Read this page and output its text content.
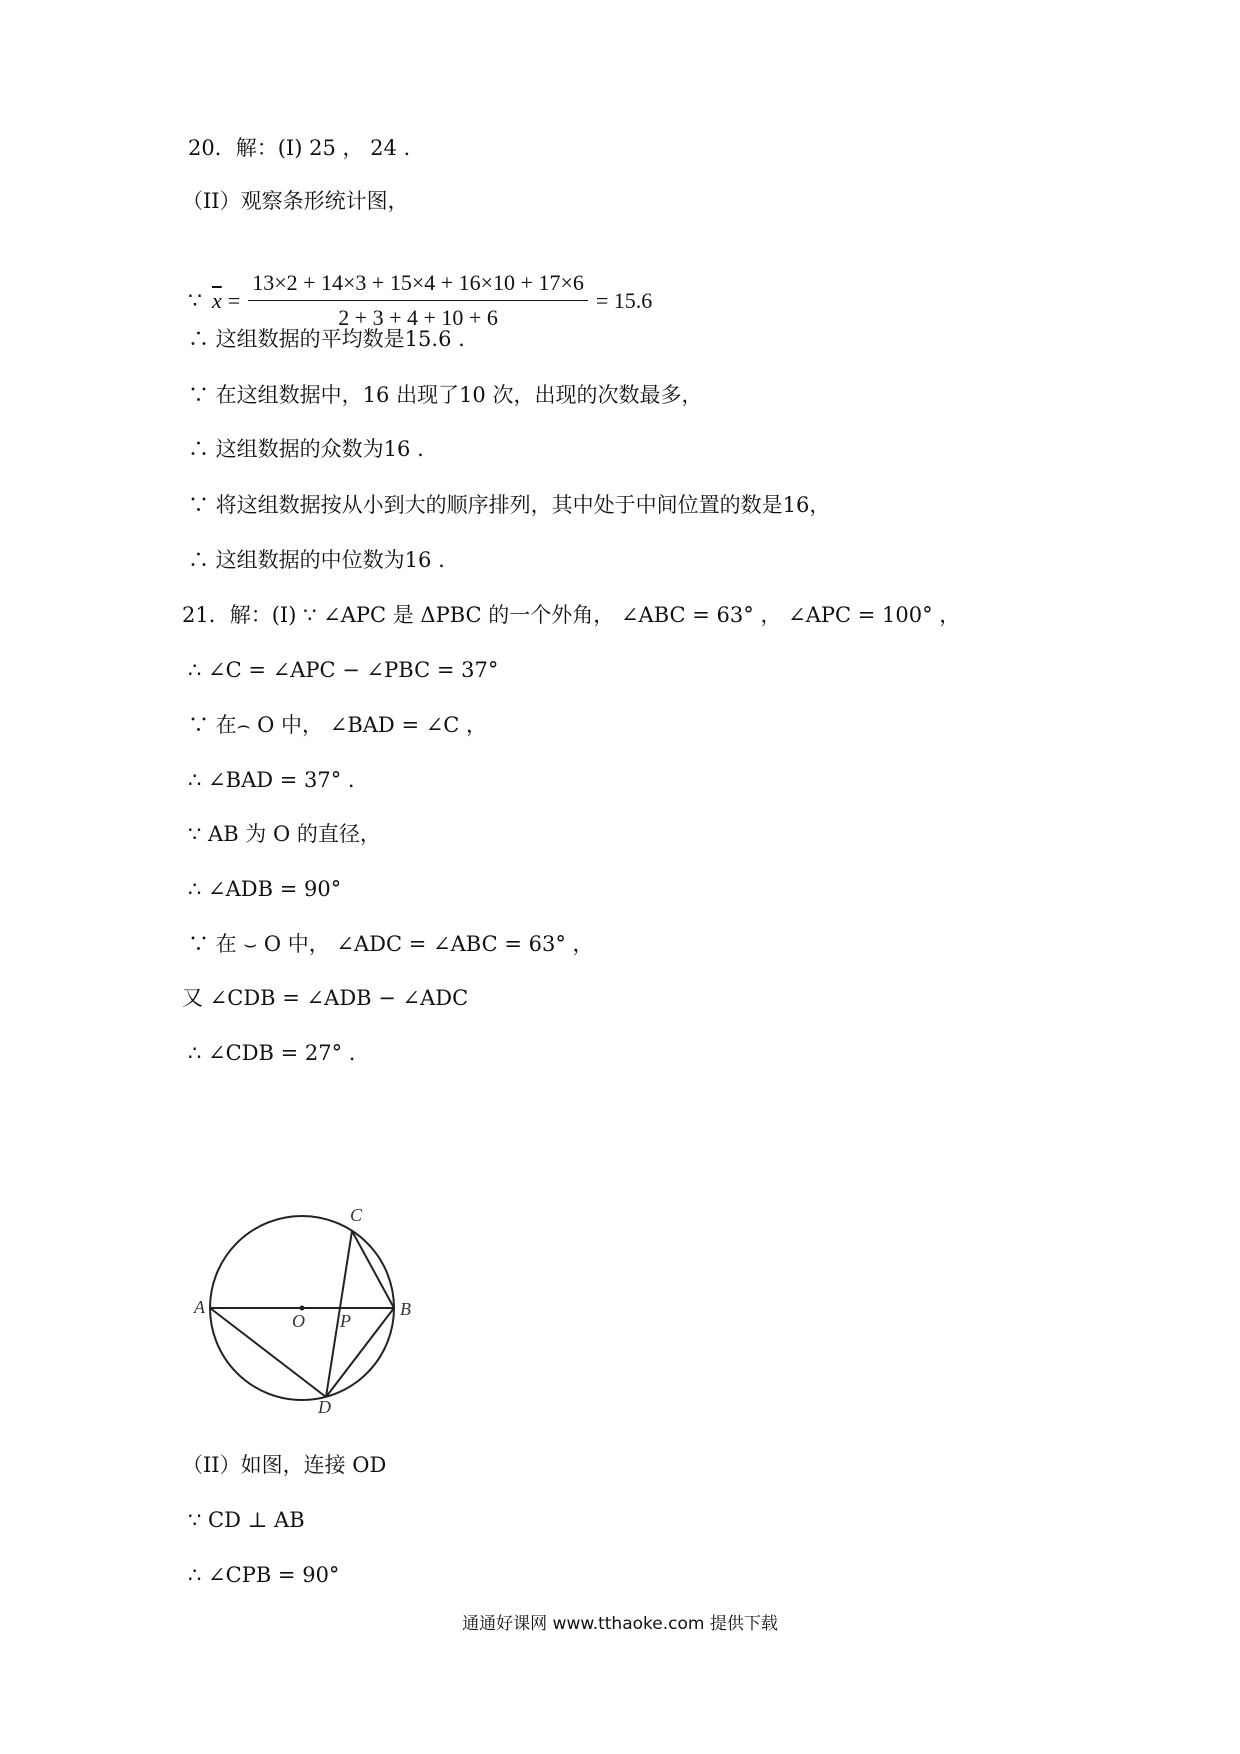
20．解：(I) 25 ， 24 .
（II）观察条形统计图，
∵ $\overline{x} = \frac{13\times 2 + 14\times 3 + 15\times 4 + 16\times 10 + 17\times 6}{2 + 3 + 4 + 10 + 6} = 15.6$
∴ 这组数据的平均数是15.6 .
∵ 在这组数据中，16 出现了10 次，出现的次数最多，
∴ 这组数据的众数为16 .
∵ 将这组数据按从小到大的顺序排列，其中处于中间位置的数是16，
∴ 这组数据的中位数为16 .
21．解：(I) ∵ ∠APC 是 ΔPBC 的一个外角， ∠ABC = 63° ， ∠APC = 100° ，
∴ ∠C = ∠APC − ∠PBC = 37°
∵ 在⌢ O 中， ∠BAD = ∠C ，
∴ ∠BAD = 37° .
∵ AB 为 O 的直径，
∴ ∠ADB = 90°
∵ 在 ⌣ O 中， ∠ADC = ∠ABC = 63° ，
又 ∠CDB = ∠ADB − ∠ADC
∴ ∠CDB = 27° .
A	B
C
D
O P
（II）如图，连接 OD
∵ CD ⊥ AB
∴ ∠CPB = 90°
通通好课网 www.tthaoke.com 提供下载
